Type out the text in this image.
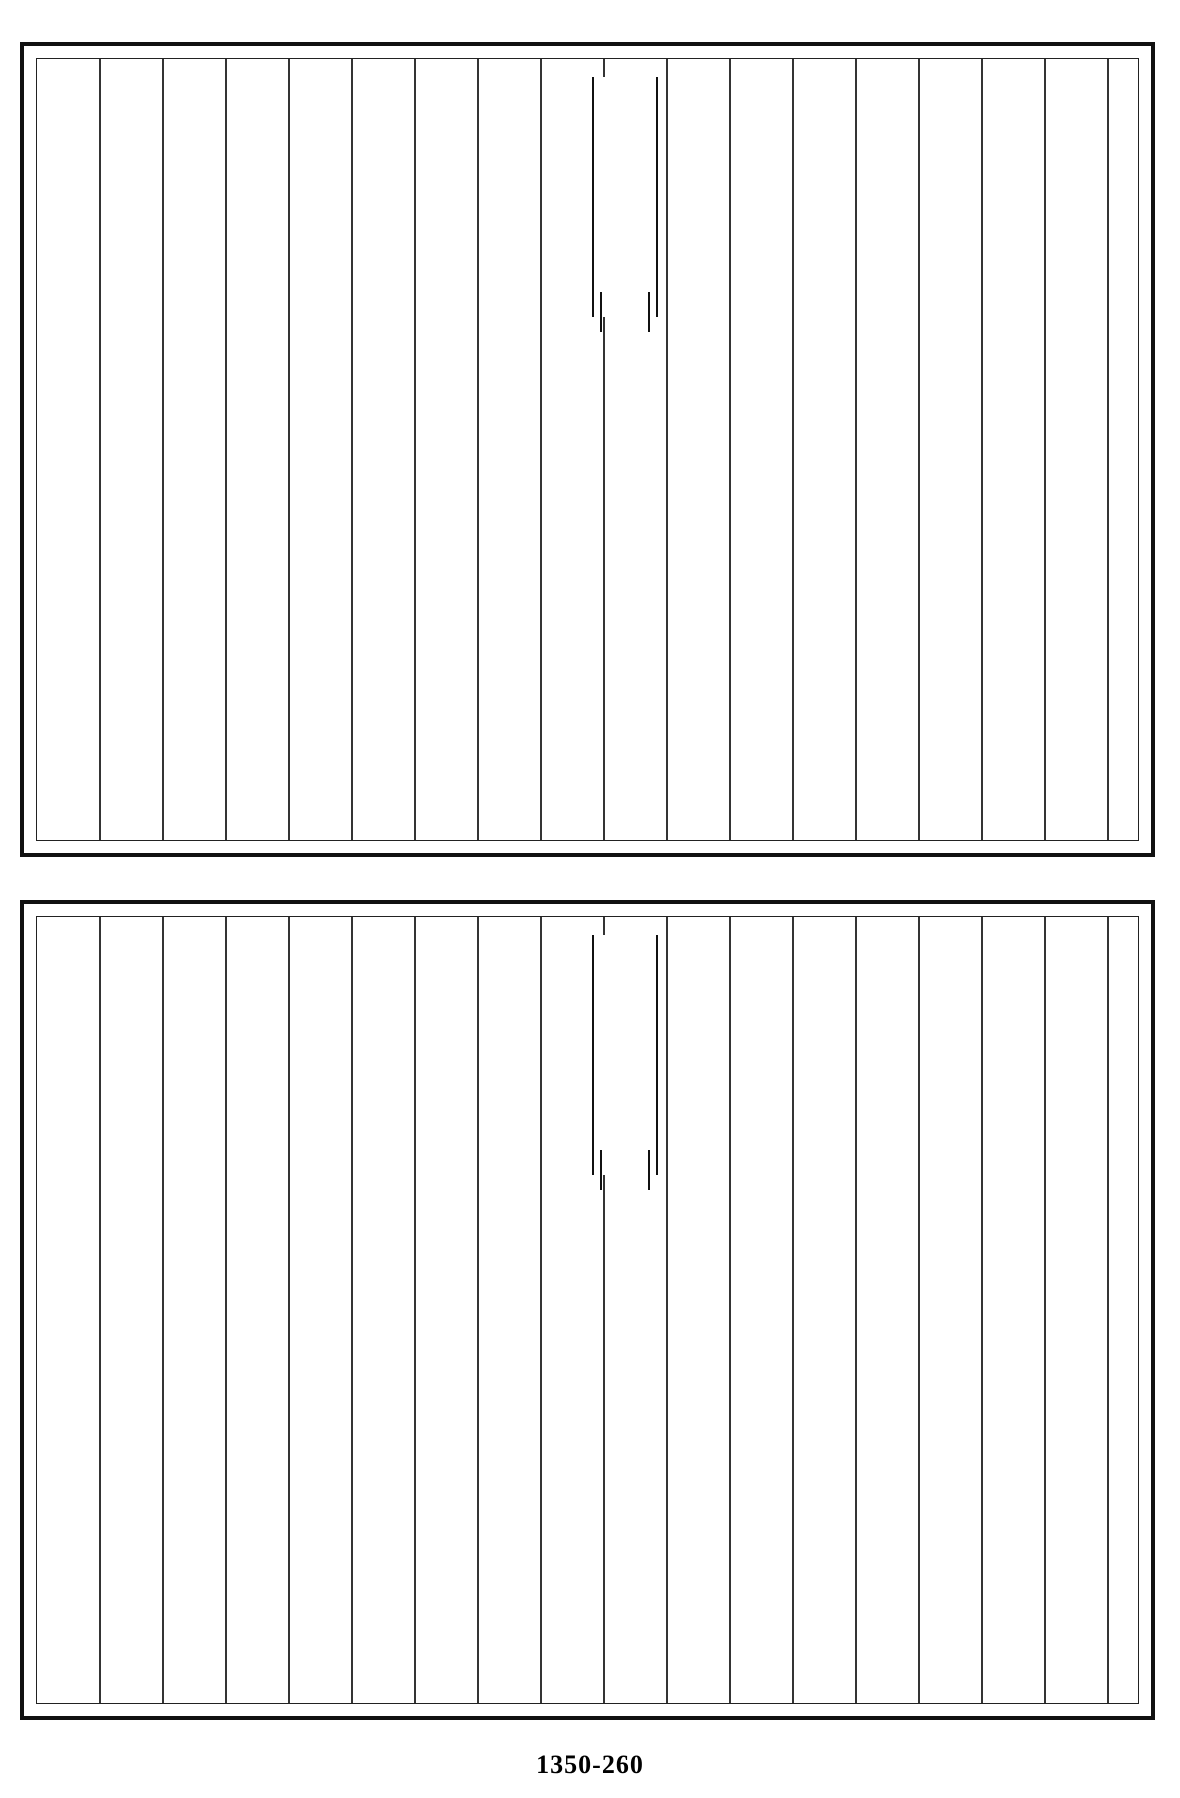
1350-260
